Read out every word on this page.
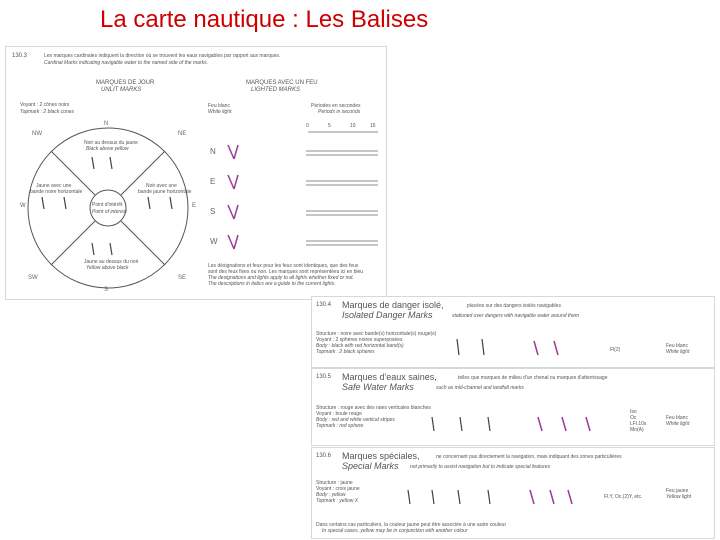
La carte nautique : Les Balises
130.3	Les marques cardinales indiquent la direction où se trouvent les eaux navigables par rapport aux marques.
Cardinal Marks indicating navigable water to the named side of the marks.
MARQUES DE JOUR
UNLIT MARKS
MARQUES AVEC UN FEU
LIGHTED MARKS
Voyant : 2 cônes noirs
Topmark : 2 black cones
N
NE
E
SE
S
SW
W
NW
Noir au dessus du jaune
Black above yellow
Noir avec une
bande jaune horizontale
Jaune avec une
bande noire horizontale
Jaune au dessus du noir
Yellow above black
Point d'intérêt
Point of interest
Feu blanc
White light
Périodes en secondes
Periods in seconds
0	5	10	15
N
E
S
W
Les désignations et feux pour les feux sont identiques, que des feux
sont des feux fixes ou non. Les marques sont représentées ici en bleu
The designations and lights apply to all lights whether fixed or not.
The descriptions in italics are a guide to the current lights.
130.4 Marques de danger isolé,	placées sur des dangers isolés navigables
Isolated Danger Marks	stationed over dangers with navigable water around them
Structure : noire avec bande(s) horizontale(s) rouge(s)
Voyant : 2 sphères noires superposées
Body : black with red horizontal band(s)
Topmark : 2 black spheres	Fl(2)
Feu blanc
White light
130.5 Marques d'eaux saines,	telles que marques de milieu d'un chenal ou marques d'atterrissage
Safe Water Marks	such as mid-channel and landfall marks
Structure : rouge avec des raies verticales blanches
Voyant : boule rouge
Body : red and white vertical stripes
Topmark : red sphere
Iso
Oc
LFl.10s
Mo(A)
Feu blanc
White light
130.6 Marques spéciales,	ne concernant pas directement la navigation, mais indiquant des zones particulières
Special Marks not primarily to assist navigation but to indicate special features
Structure : jaune
Voyant : croix jaune
Body : yellow
Topmark : yellow X
Fl.Y, Oc.(2)Y, etc.
Feu jaune
Yellow light
Dans certains cas particuliers, la couleur jaune peut être associée à une autre couleur
In special cases, yellow may be in conjunction with another colour
